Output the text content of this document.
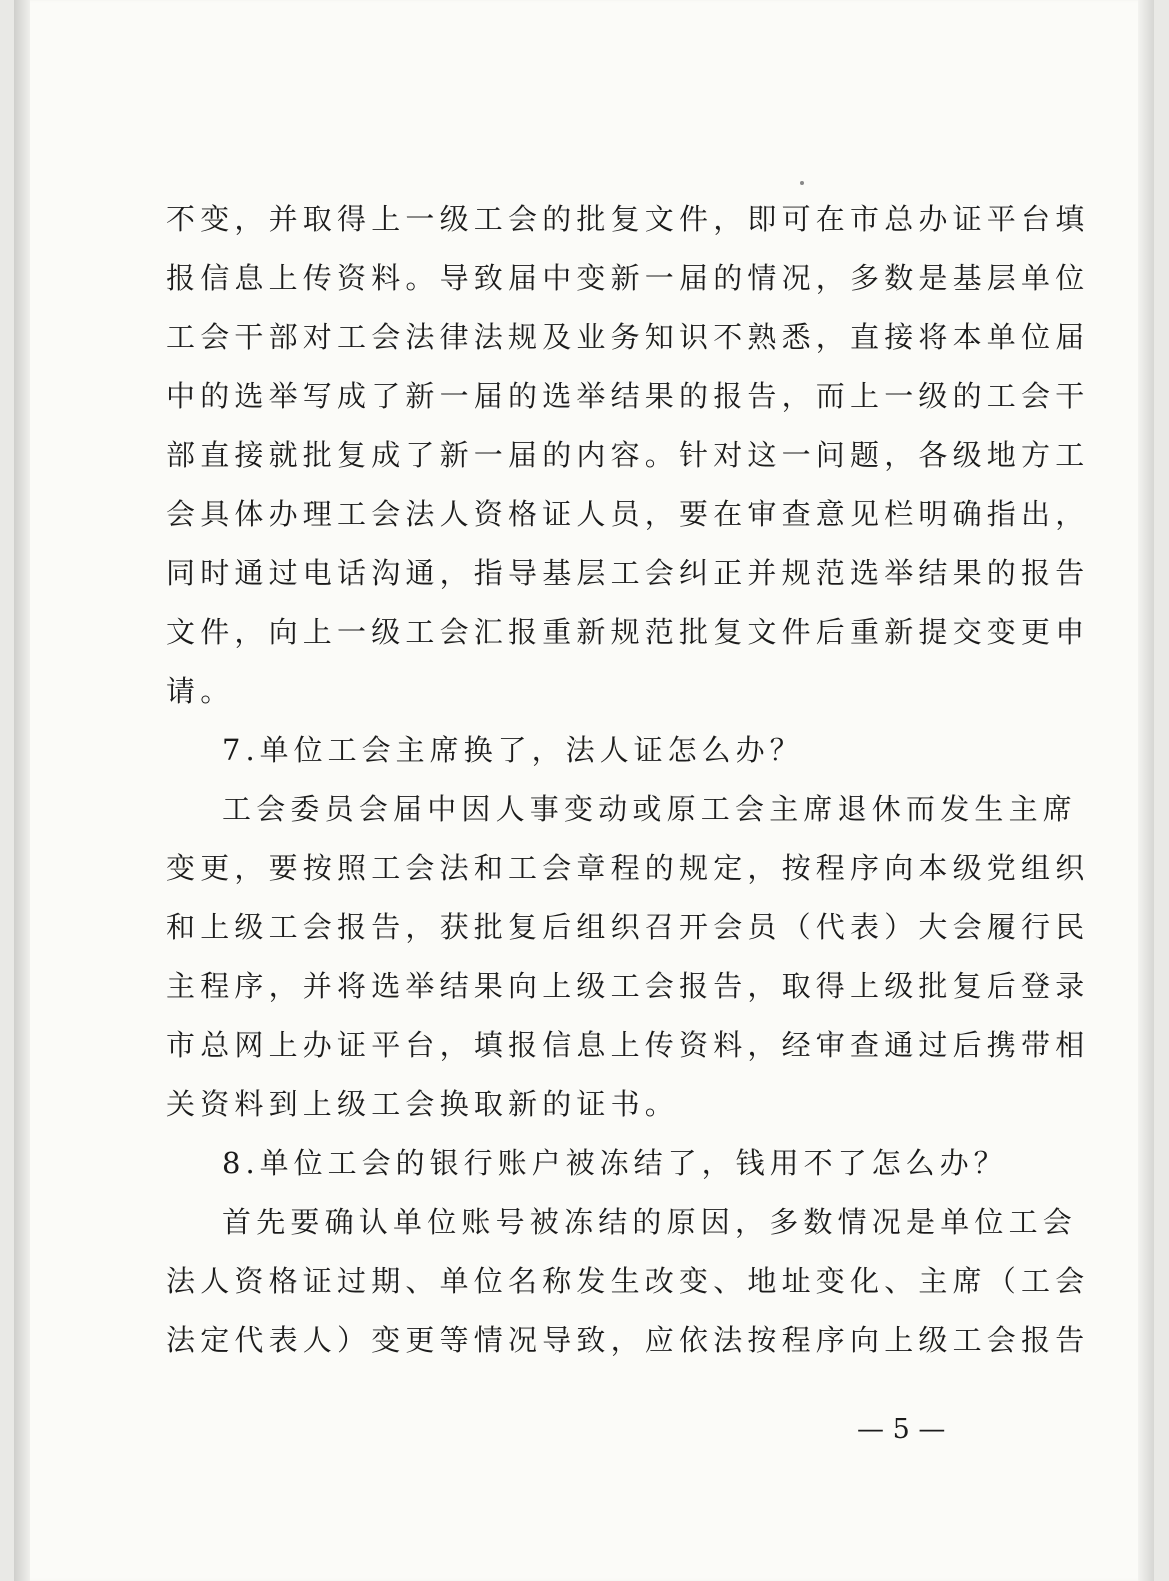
不变，并取得上一级工会的批复文件，即可在市总办证平台填
报信息上传资料。导致届中变新一届的情况，多数是基层单位
工会干部对工会法律法规及业务知识不熟悉，直接将本单位届
中的选举写成了新一届的选举结果的报告，而上一级的工会干
部直接就批复成了新一届的内容。针对这一问题，各级地方工
会具体办理工会法人资格证人员，要在审查意见栏明确指出，
同时通过电话沟通，指导基层工会纠正并规范选举结果的报告
文件，向上一级工会汇报重新规范批复文件后重新提交变更申
请。
7.单位工会主席换了，法人证怎么办？
工会委员会届中因人事变动或原工会主席退休而发生主席
变更，要按照工会法和工会章程的规定，按程序向本级党组织
和上级工会报告，获批复后组织召开会员（代表）大会履行民
主程序，并将选举结果向上级工会报告，取得上级批复后登录
市总网上办证平台，填报信息上传资料，经审查通过后携带相
关资料到上级工会换取新的证书。
8.单位工会的银行账户被冻结了，钱用不了怎么办？
首先要确认单位账号被冻结的原因，多数情况是单位工会
法人资格证过期、单位名称发生改变、地址变化、主席（工会
法定代表人）变更等情况导致，应依法按程序向上级工会报告
— 5 —
